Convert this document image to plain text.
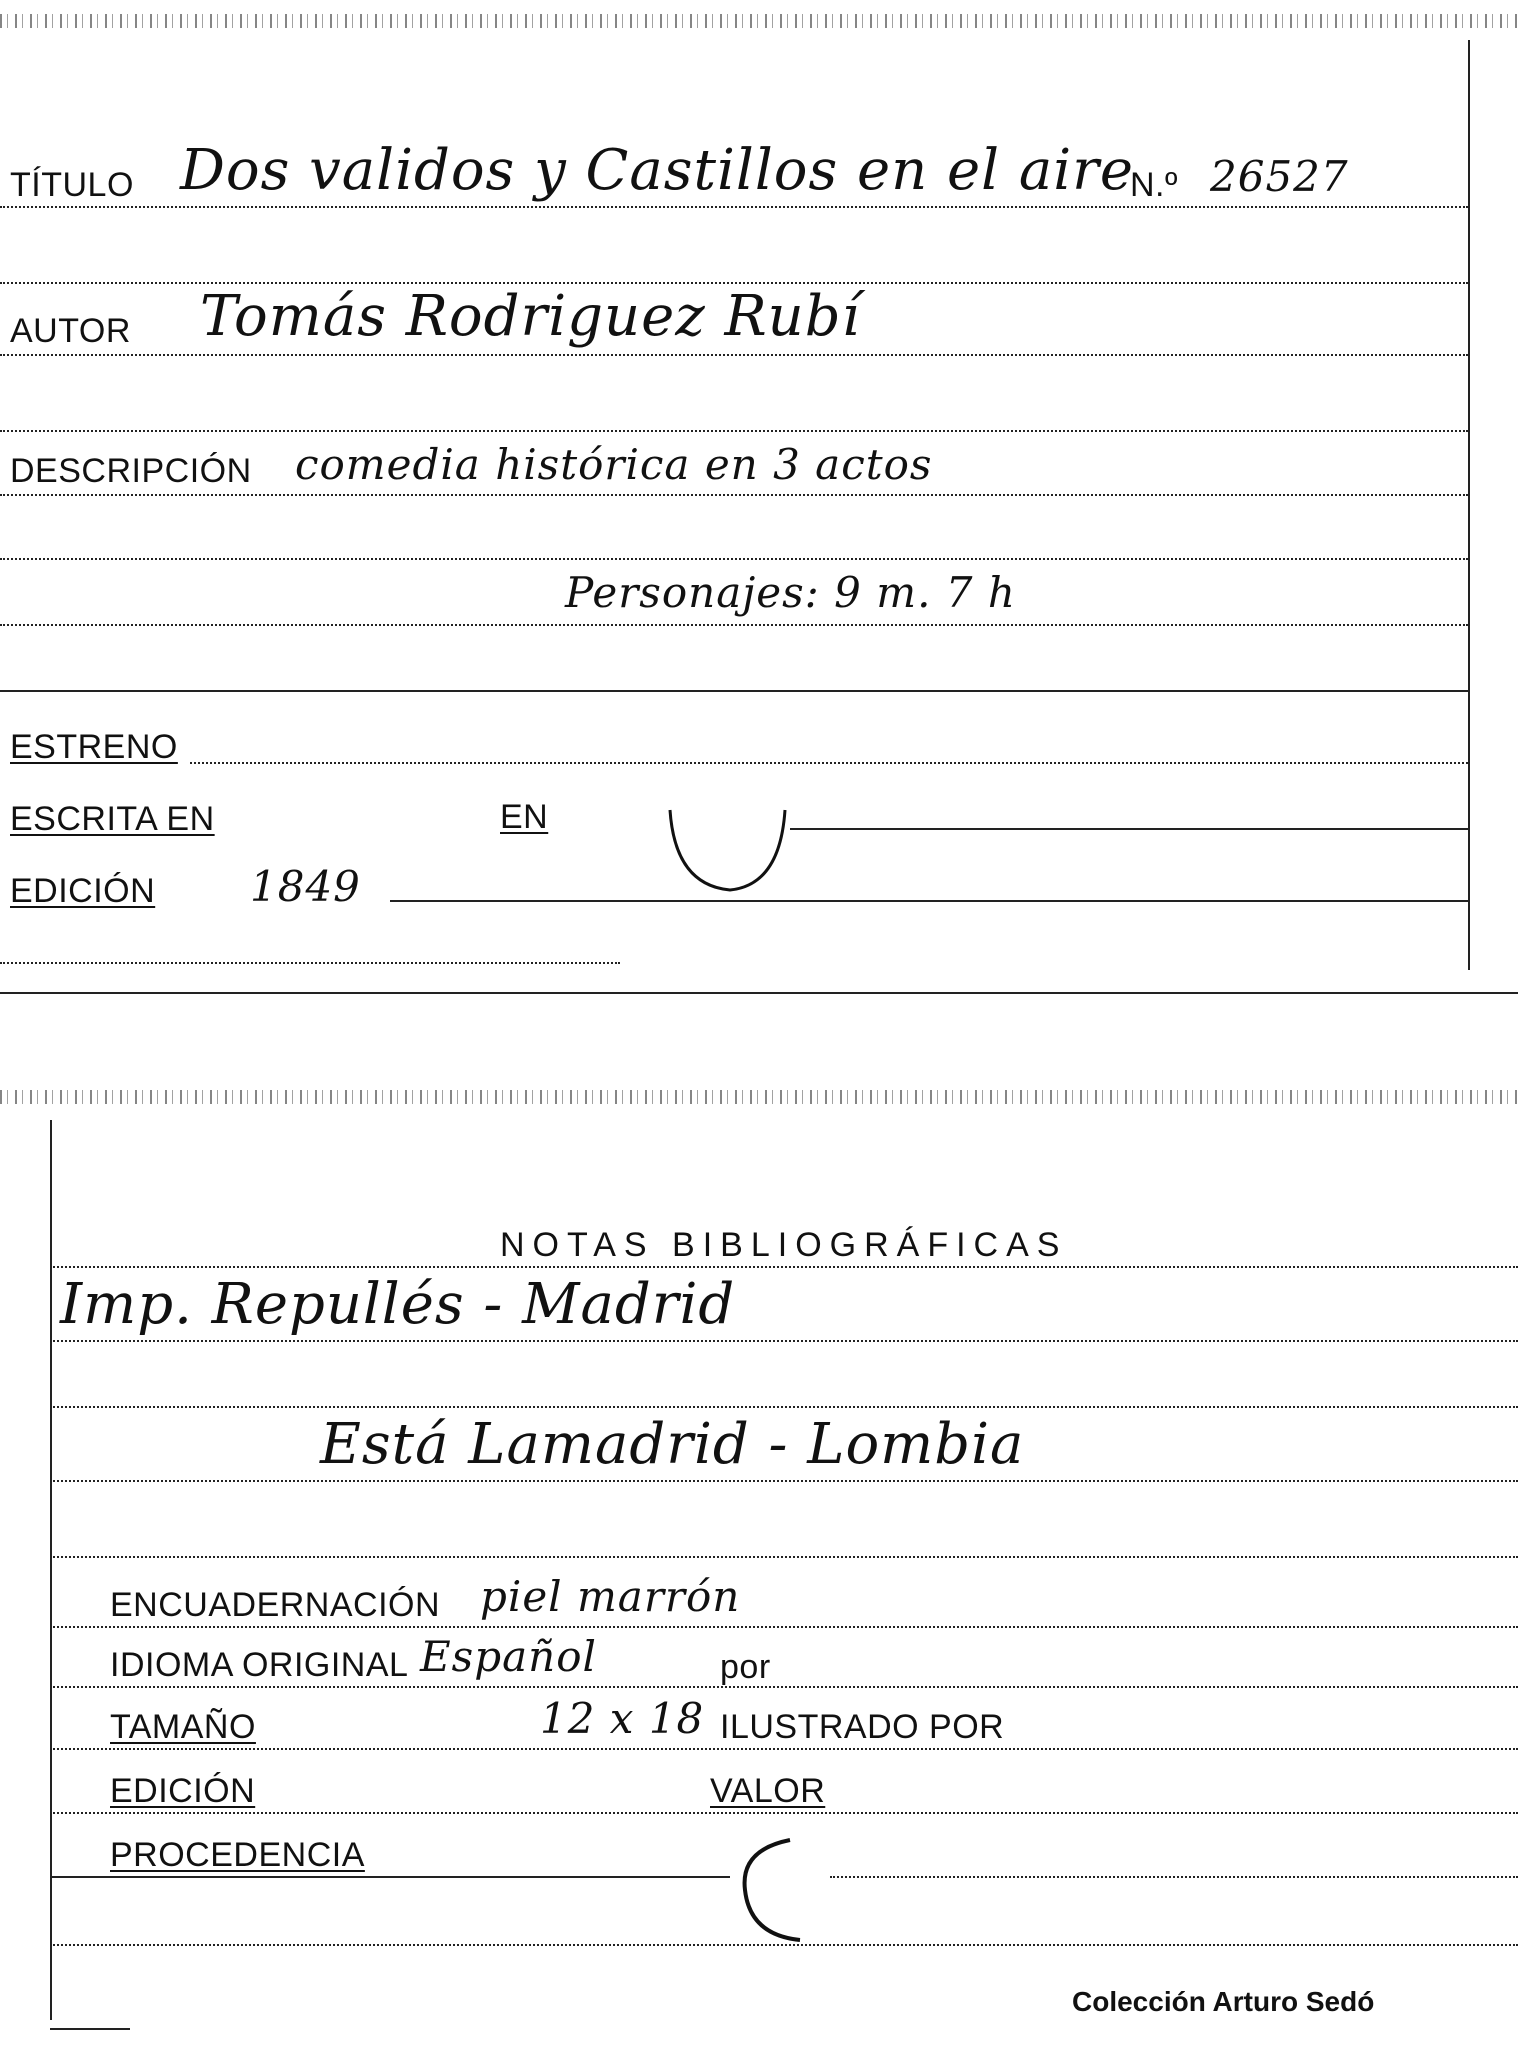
TÍTULO Dos validos y Castillos en el aire
N.º 26527
AUTOR Tomás Rodriguez Rubí
DESCRIPCIÓN comedia histórica en 3 actos
Personajes: 9 m. 7 h
ESTRENO
ESCRITA EN	EN
EDICIÓN 1849
NOTAS BIBLIOGRÁFICAS
Imp. Repullés - Madrid
Está Lamadrid - Lombia
ENCUADERNACIÓN piel marrón
IDIOMA ORIGINAL Español	por
TAMAÑO	12 x 18 ILUSTRADO POR
EDICIÓN	VALOR
PROCEDENCIA
Colección Arturo Sedó
